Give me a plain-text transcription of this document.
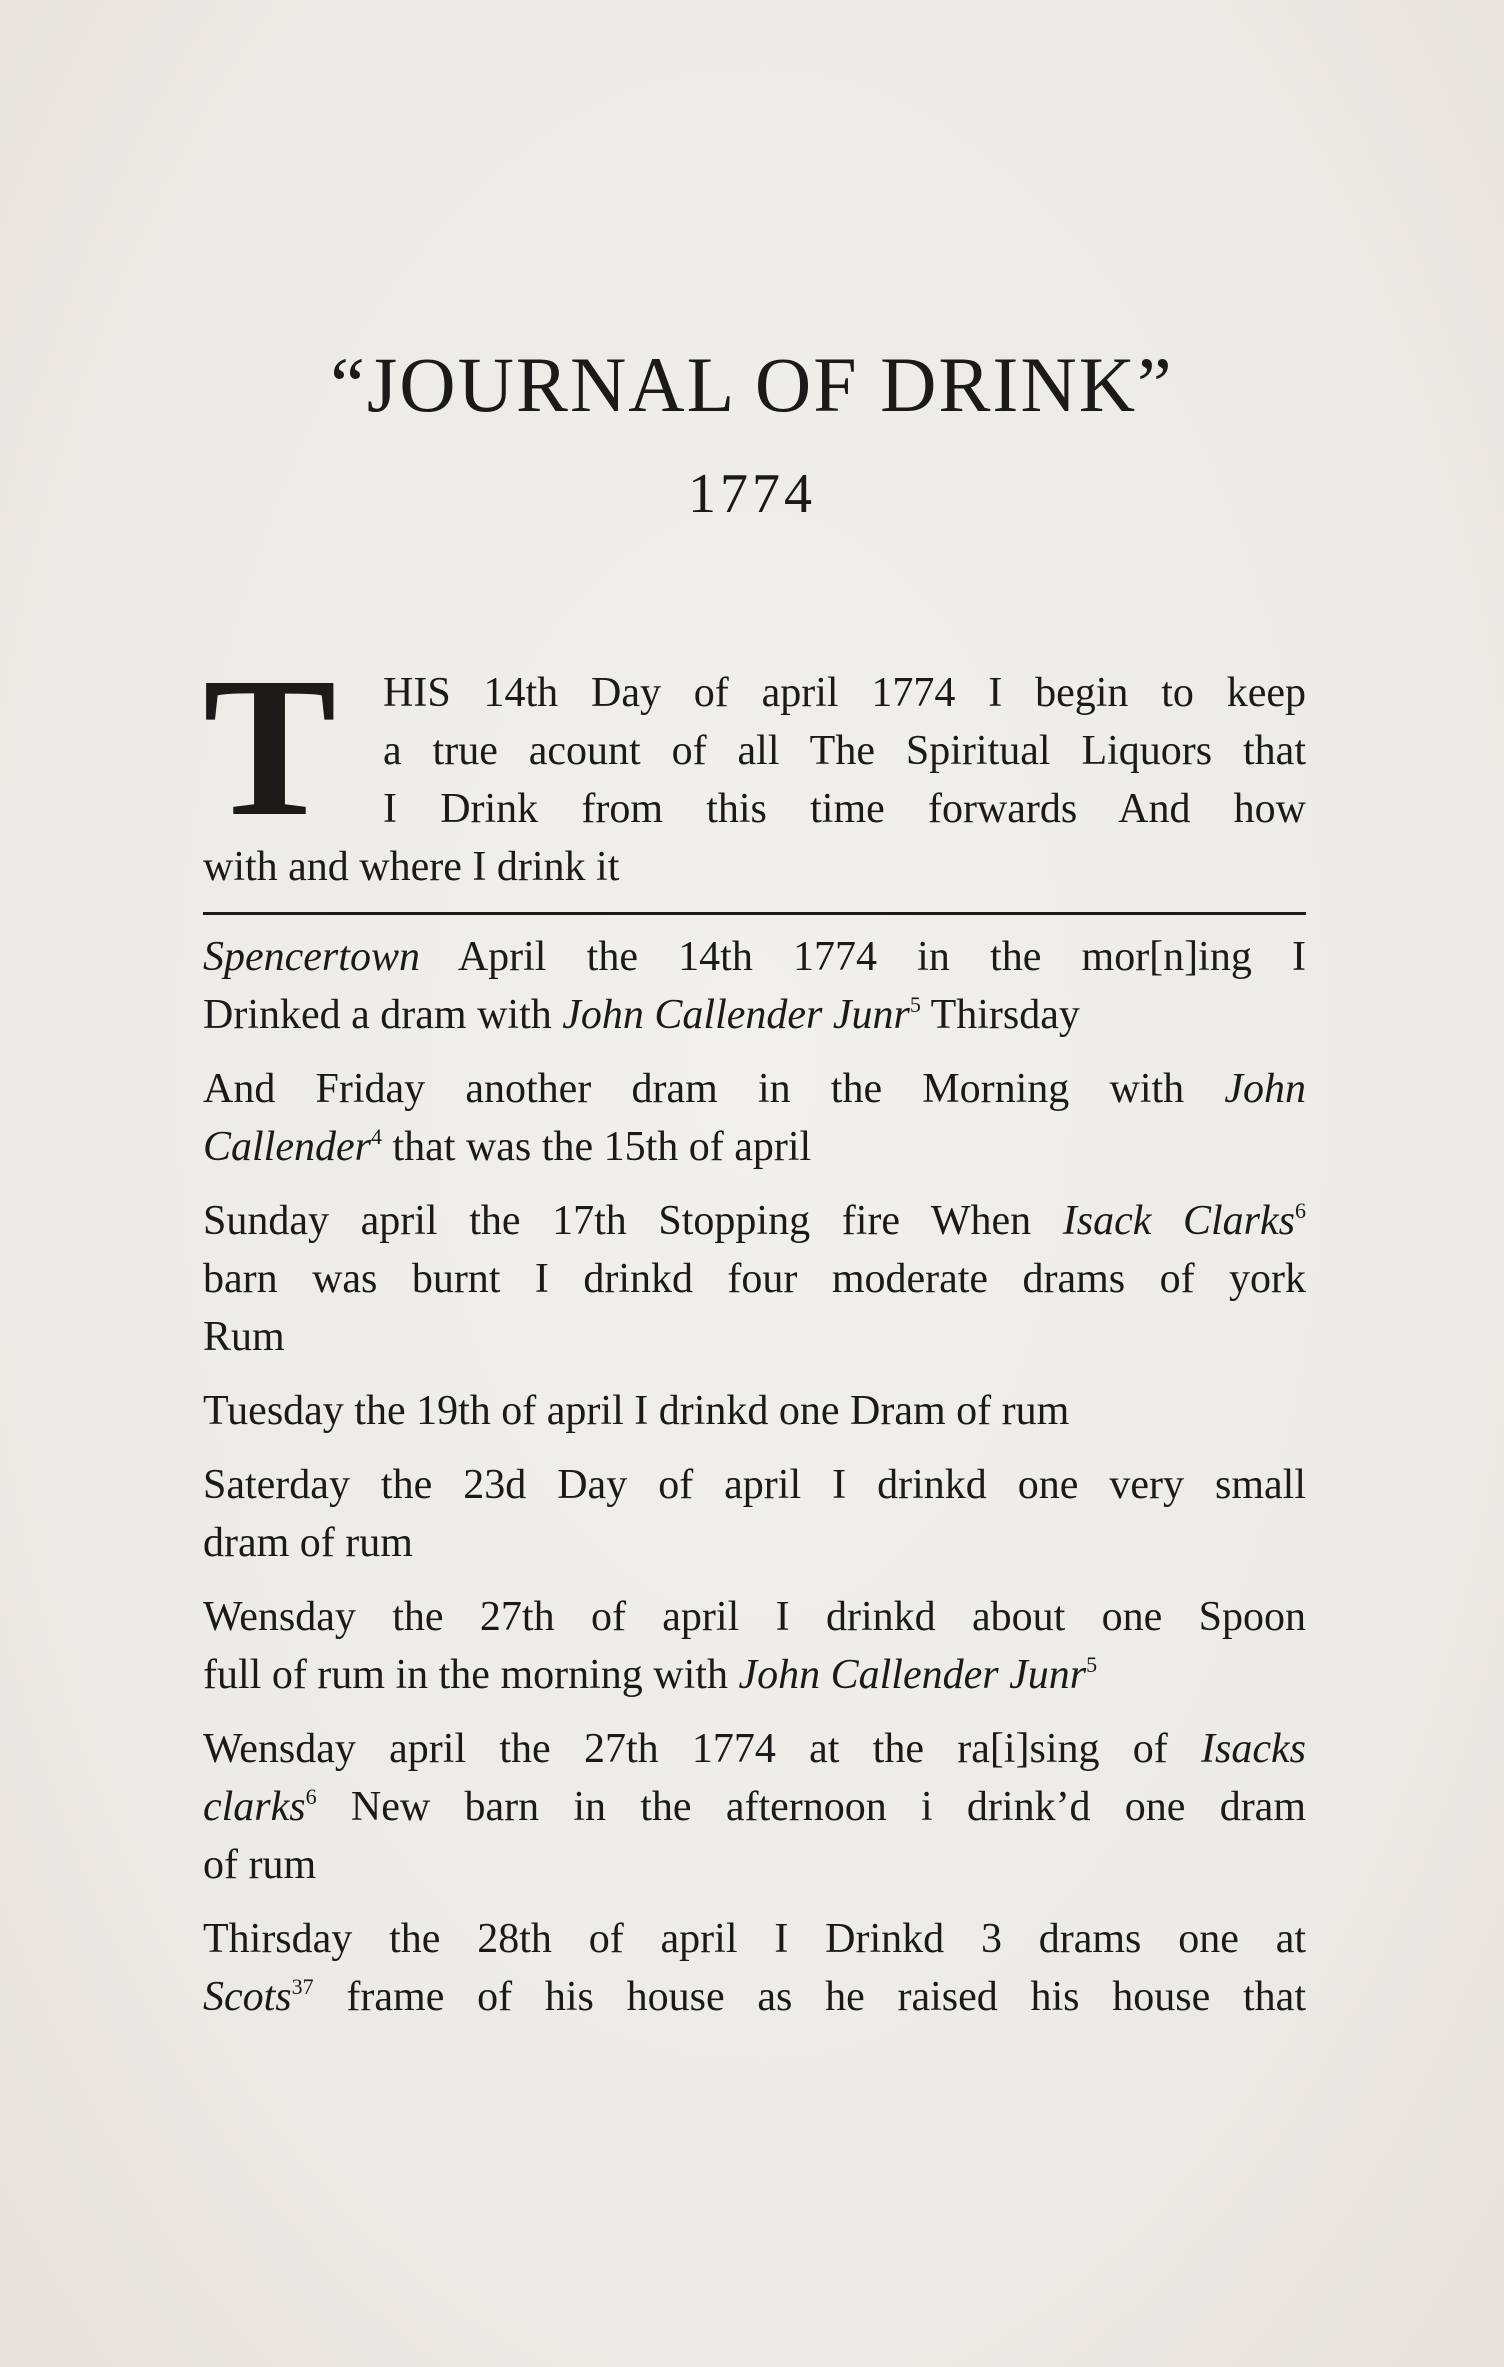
“JOURNAL OF DRINK”
1774
T HIS 14th Day of april 1774 I begin to keep
a true acount of all The Spiritual Liquors that
I Drink from this time forwards And how
with and where I drink it
Spencertown April the 14th 1774 in the mor[n]ing I
Drinked a dram with John Callender Junr$^5$ Thirsday
And Friday another dram in the Morning with John
Callender$^4$ that was the 15th of april
Sunday april the 17th Stopping fire When Isack Clarks$^6$
barn was burnt I drinkd four moderate drams of york
Rum
Tuesday the 19th of april I drinkd one Dram of rum
Saterday the 23d Day of april I drinkd one very small
dram of rum
Wensday the 27th of april I drinkd about one Spoon
full of rum in the morning with John Callender Junr$^5$
Wensday april the 27th 1774 at the ra[i]sing of Isacks
clarks$^6$ New barn in the afternoon i drink’d one dram
of rum
Thirsday the 28th of april I Drinkd 3 drams one at
Scots$^{37}$ frame of his house as he raised his house that
